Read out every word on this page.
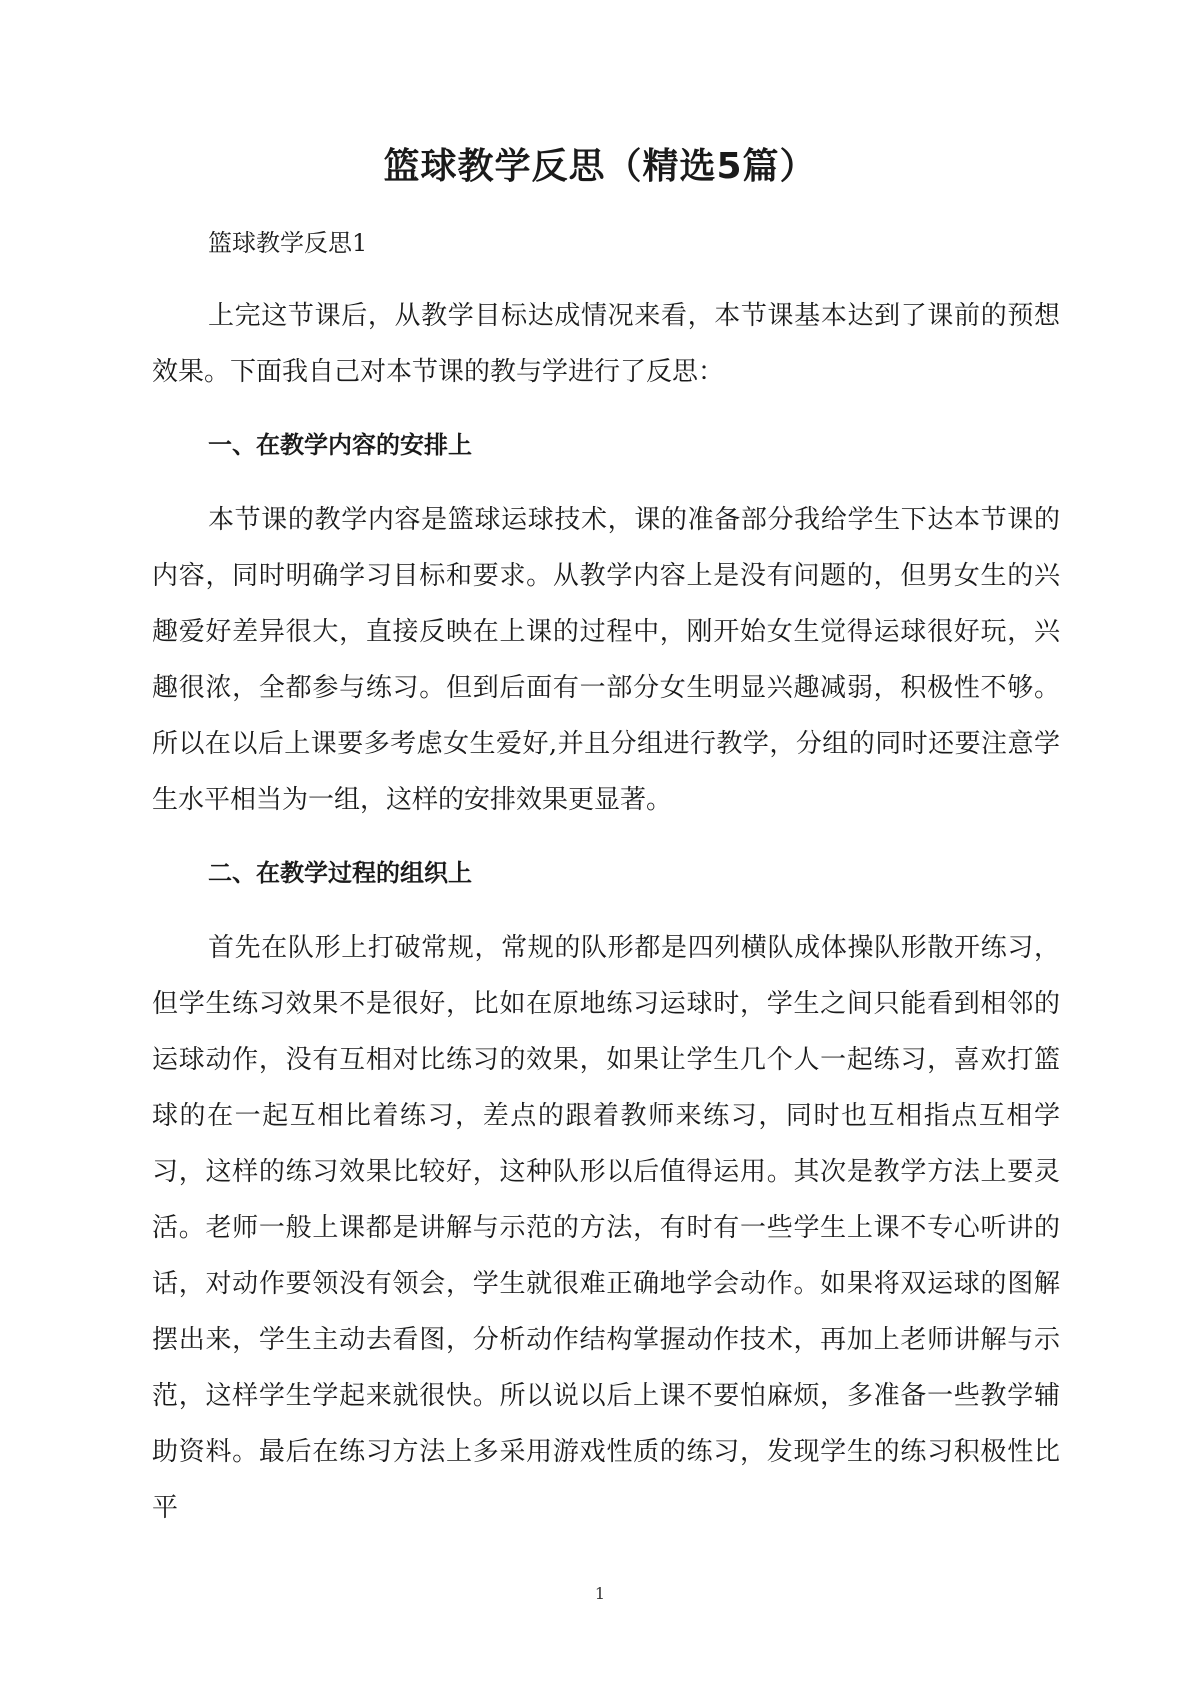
篮球教学反思（精选5篇）

篮球教学反思1

上完这节课后，从教学目标达成情况来看，本节课基本达到了课前的预想效果。下面我自己对本节课的教与学进行了反思：

一、在教学内容的安排上

本节课的教学内容是篮球运球技术，课的准备部分我给学生下达本节课的内容，同时明确学习目标和要求。从教学内容上是没有问题的，但男女生的兴趣爱好差异很大，直接反映在上课的过程中，刚开始女生觉得运球很好玩，兴趣很浓，全都参与练习。但到后面有一部分女生明显兴趣减弱，积极性不够。所以在以后上课要多考虑女生爱好,并且分组进行教学，分组的同时还要注意学生水平相当为一组，这样的安排效果更显著。

二、在教学过程的组织上

首先在队形上打破常规，常规的队形都是四列横队成体操队形散开练习，但学生练习效果不是很好，比如在原地练习运球时，学生之间只能看到相邻的运球动作，没有互相对比练习的效果，如果让学生几个人一起练习，喜欢打篮球的在一起互相比着练习，差点的跟着教师来练习，同时也互相指点互相学习，这样的练习效果比较好，这种队形以后值得运用。其次是教学方法上要灵活。老师一般上课都是讲解与示范的方法，有时有一些学生上课不专心听讲的话，对动作要领没有领会，学生就很难正确地学会动作。如果将双运球的图解摆出来，学生主动去看图，分析动作结构掌握动作技术，再加上老师讲解与示范，这样学生学起来就很快。所以说以后上课不要怕麻烦，多准备一些教学辅助资料。最后在练习方法上多采用游戏性质的练习，发现学生的练习积极性比平

1
